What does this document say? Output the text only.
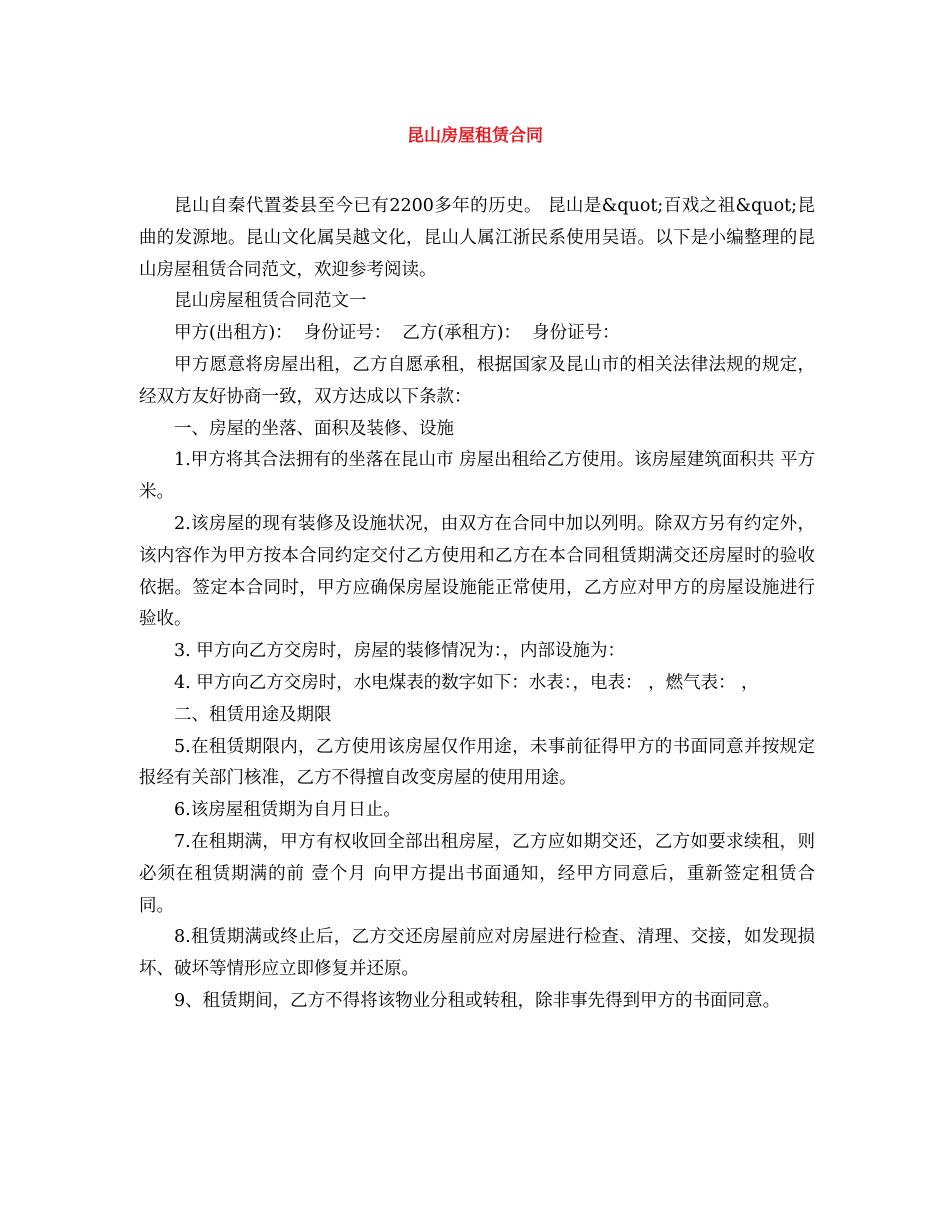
昆山房屋租赁合同

昆山自秦代置娄县至今已有2200多年的历史。 昆山是&quot;百戏之祖&quot;昆曲的发源地。昆山文化属吴越文化，昆山人属江浙民系使用吴语。以下是小编整理的昆山房屋租赁合同范文，欢迎参考阅读。

昆山房屋租赁合同范文一

甲方(出租方)：  身份证号：  乙方(承租方)：  身份证号：

甲方愿意将房屋出租，乙方自愿承租，根据国家及昆山市的相关法律法规的规定，经双方友好协商一致，双方达成以下条款：

一、房屋的坐落、面积及装修、设施

1.甲方将其合法拥有的坐落在昆山市 房屋出租给乙方使用。该房屋建筑面积共 平方米。

2.该房屋的现有装修及设施状况，由双方在合同中加以列明。除双方另有约定外，该内容作为甲方按本合同约定交付乙方使用和乙方在本合同租赁期满交还房屋时的验收依据。签定本合同时，甲方应确保房屋设施能正常使用，乙方应对甲方的房屋设施进行验收。

3. 甲方向乙方交房时，房屋的装修情况为：，内部设施为：

4. 甲方向乙方交房时，水电煤表的数字如下：水表：，电表： ，燃气表： ，

二、租赁用途及期限

5.在租赁期限内，乙方使用该房屋仅作用途，未事前征得甲方的书面同意并按规定报经有关部门核准，乙方不得擅自改变房屋的使用用途。

6.该房屋租赁期为自月日止。

7.在租期满，甲方有权收回全部出租房屋，乙方应如期交还，乙方如要求续租，则必须在租赁期满的前 壹个月 向甲方提出书面通知，经甲方同意后，重新签定租赁合同。

8.租赁期满或终止后，乙方交还房屋前应对房屋进行检查、清理、交接，如发现损坏、破坏等情形应立即修复并还原。

9、租赁期间，乙方不得将该物业分租或转租，除非事先得到甲方的书面同意。
